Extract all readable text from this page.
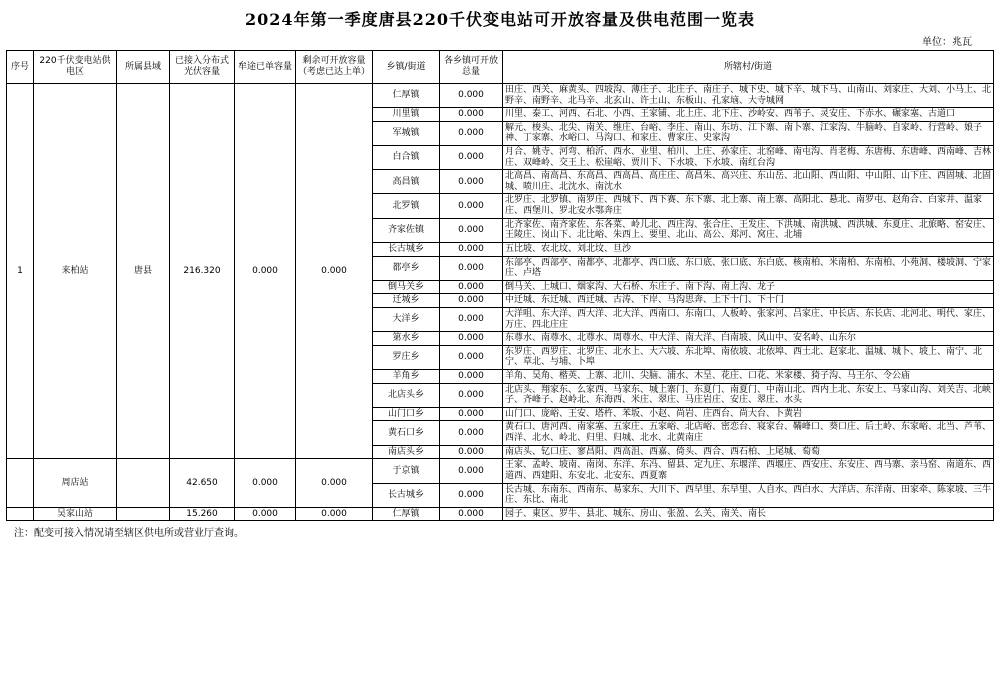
2024年第一季度唐县220千伏变电站可开放容量及供电范围一览表
单位：兆瓦
序号	220千伏变电站供电区	所属县域	已接入分布式光伏容量	牟途已单容量	剩余可开放容量（考虑已达上单）	乡镇/街道	各乡镇可开放总量	所辖村/街道
1	来柏站	唐县	216.320	0.000	0.000	仁厚镇	0.000	田庄、西关、麻黄头、四坡沟、薄庄子、北庄子、南庄子、城下史、城下辛、城下马、山南山、刘家庄、大刘、小马上、北野辛、南野辛、北马辛、北玄山、许土山、东板山、孔家垴、大寺城网
						川里镇	0.000	川里、泰工、河西、石北、小西、王家铺、北上庄、北下庄、沙岭安、西苇子、灵安庄、下赤水、碾家塞、古道口
						军城镇	0.000	解元、梭头、北尖、南关、维庄、台峪、李庄、南山、东坊、江下寨、南卜寨、江家沟、牛脑岭、自家岭、行营岭、娘子神、丁家寨、水峪口、马沟口、和家庄、曹家庄、史家沟
						白合镇	0.000	月合、姚寺、河弯、柏沂、西水、业里、柏川、上庄、孙家庄、北窑峰、南屯沟、肖老梅、东唐梅、东唐峰、西南峰、吉林庄、双峰岭、交王上、松崖峪、贾川下、下水坡、下水坡、南红台沟
						高昌镇	0.000	北高昌、南高昌、东高昌、西高昌、高庄庄、高昌朱、高兴庄、东山岳、北山阳、西山阳、中山阳、山下庄、西固城、北固城、喷川庄、北沈水、南沈水
						北罗镇	0.000	北罗庄、北罗镇、南罗庄、西城下、西下赛、东下寨、北上寨、南上寨、高阳北、悬北、南罗屯、赵角合、白家井、温家庄、西堡川、罗北安水鄂奔庄
						齐家佐镇	0.000	北齐家佐、南齐家佐、东各菜、岭儿北、西庄沟、张合庄、王发庄、下洪城、南洪城、西洪城、东夏庄、北旅略、窑安庄、王陵庄、岗山下、北比峪、朱西上、要里、北山、高公、郑河、窝庄、北埔
						长古城乡	0.000	五比坡、农北坟、刘北坟、旦沙
						都亭乡	0.000	东部亭、西部亭、南都亭、北都亭、西口底、东口底、张口底、东白底、核南柏、米南柏、东南柏、小苑洞、楼坡洞、宁家庄、卢塔
						倒马关乡	0.000	倒马关、上城口、烟家沟、大石桥、东庄子、南下沟、南上沟、龙子
						迁城乡	0.000	中迁城、东迁城、西迁城、古涛、下岸、马沟思奔、上下十门、下十门
						大洋乡	0.000	大洋咀、东大洋、西大洋、北大洋、西南口、东南口、人板岭、张家河、吕家庄、中长店、东长店、北河北、明代、家庄、万庄、四北庄庄
						第水乡	0.000	东尊水、南尊水、北尊水、周尊水、中大洋、南大洋、白南坡、风山中、安名岭、山东尔
						罗庄乡	0.000	东罗庄、西罗庄、北罗庄、北水上、大六坡、东北埠、南依坡、北依埠、西土北、赵家北、温城、城卜、坡上、南宁、北宁、草北、与埔、卜埠
						羊角乡	0.000	羊角、吴角、楷英、上寨、北川、尖脑、浦水、木呈、花庄、口花、米家楼、猗子沟、马王尔、令公庙
						北店头乡	0.000	北店头、翔家东、么家西、马家东、城上寨门、东夏门、南夏门、中南山北、西内上北、东安上、马家山沟、刘关吉、北峡子、齐峰子、赵岭北、东海西、米庄、翠庄、马庄岩庄、安庄、翠庄、水头
						山门口乡	0.000	山门口、庞峪、王安、塔杵、苯坂、小赵、尚岩、庄西台、尚大台、卜黄岩
						黄石口乡	0.000	黄石口、唐河西、南家塞、五家庄、五家峪、北店峪、密恋台、寝家台、鞴峰口、葵口庄、后土岭、东家峪、北当、芦苇、西洋、北水、岭北、归里、归城、北水、北黄南庄
						南店头乡	0.000	南店头、钇口庄、寥昌阳、西高沮、西嘉、倚头、西合、西石柏、上尾城、萄萄
	周店站		42.650	0.000	0.000	于京镇	0.000	王家、孟岭、坡南、南岗、东洋、东冯、留县、定九庄、东堰洋、西堰庄、西安庄、东安庄、西马寨、亲马窑、南道东、西道西、西建阳、东安北、北安东、西夏寨
						长古城乡	0.000	长古城、东南东、西南东、易家东、大川下、西早里、东早里、人自水、西白水、大洋店、东洋南、田家牵、陈家坡、三牛庄、东比、南北
	吴家山站		15.260	0.000	0.000	仁厚镇	0.000	园子、東区、罗牛、县北、城东、房山、张盈、么关、南关、南长
注：配变可接入情况请至辖区供电所或营业厅查询。
